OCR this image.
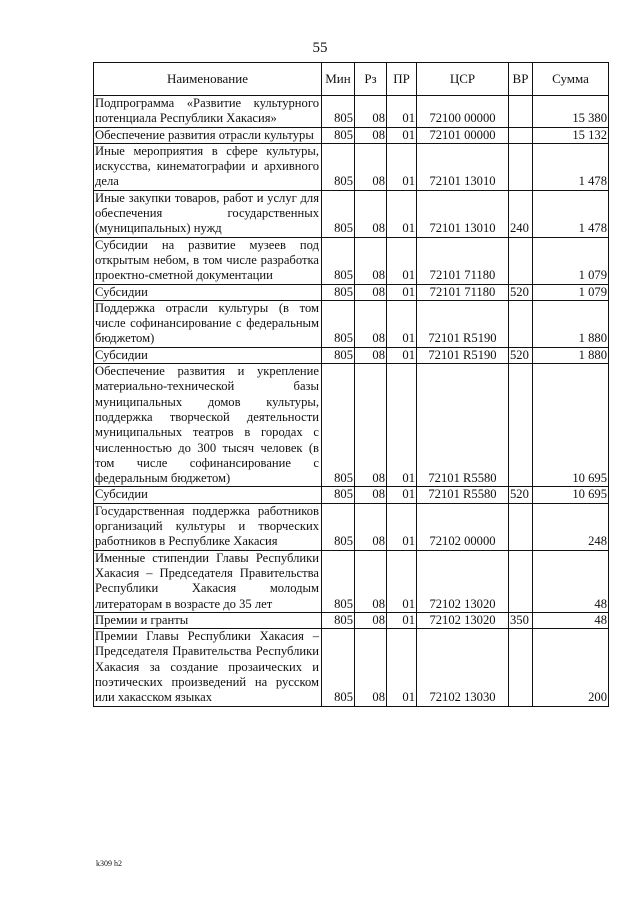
55
Наименование	Мин	Рз	ПР	ЦСР	ВР	Сумма
Подпрограмма «Развитие культурного потенциала Республики Хакасия»	805	08	01	72100 00000		15 380
Обеспечение развития отрасли культуры	805	08	01	72101 00000		15 132
Иные мероприятия в сфере культуры, искусства, кинематографии и архивного дела	805	08	01	72101 13010		1 478
Иные закупки товаров, работ и услуг для обеспечения государственных (муниципальных) нужд	805	08	01	72101 13010	240	1 478
Субсидии на развитие музеев под открытым небом, в том числе разработка проектно-сметной документации	805	08	01	72101 71180		1 079
Субсидии	805	08	01	72101 71180	520	1 079
Поддержка отрасли культуры (в том числе софинансирование с федеральным бюджетом)	805	08	01	72101 R5190		1 880
Субсидии	805	08	01	72101 R5190	520	1 880
Обеспечение развития и укрепление материально-технической базы муниципальных домов культуры, поддержка творческой деятельности муниципальных театров в городах с численностью до 300 тысяч человек (в том числе софинансирование с федеральным бюджетом)	805	08	01	72101 R5580		10 695
Субсидии	805	08	01	72101 R5580	520	10 695
Государственная поддержка работников организаций культуры и творческих работников в Республике Хакасия	805	08	01	72102 00000		248
Именные стипендии Главы Республики Хакасия – Председателя Правительства Республики Хакасия молодым литераторам в возрасте до 35 лет	805	08	01	72102 13020		48
Премии и гранты	805	08	01	72102 13020	350	48
Премии Главы Республики Хакасия – Председателя Правительства Республики Хакасия за создание прозаических и поэтических произведений на русском или хакасском языках	805	08	01	72102 13030		200
k309 h2
